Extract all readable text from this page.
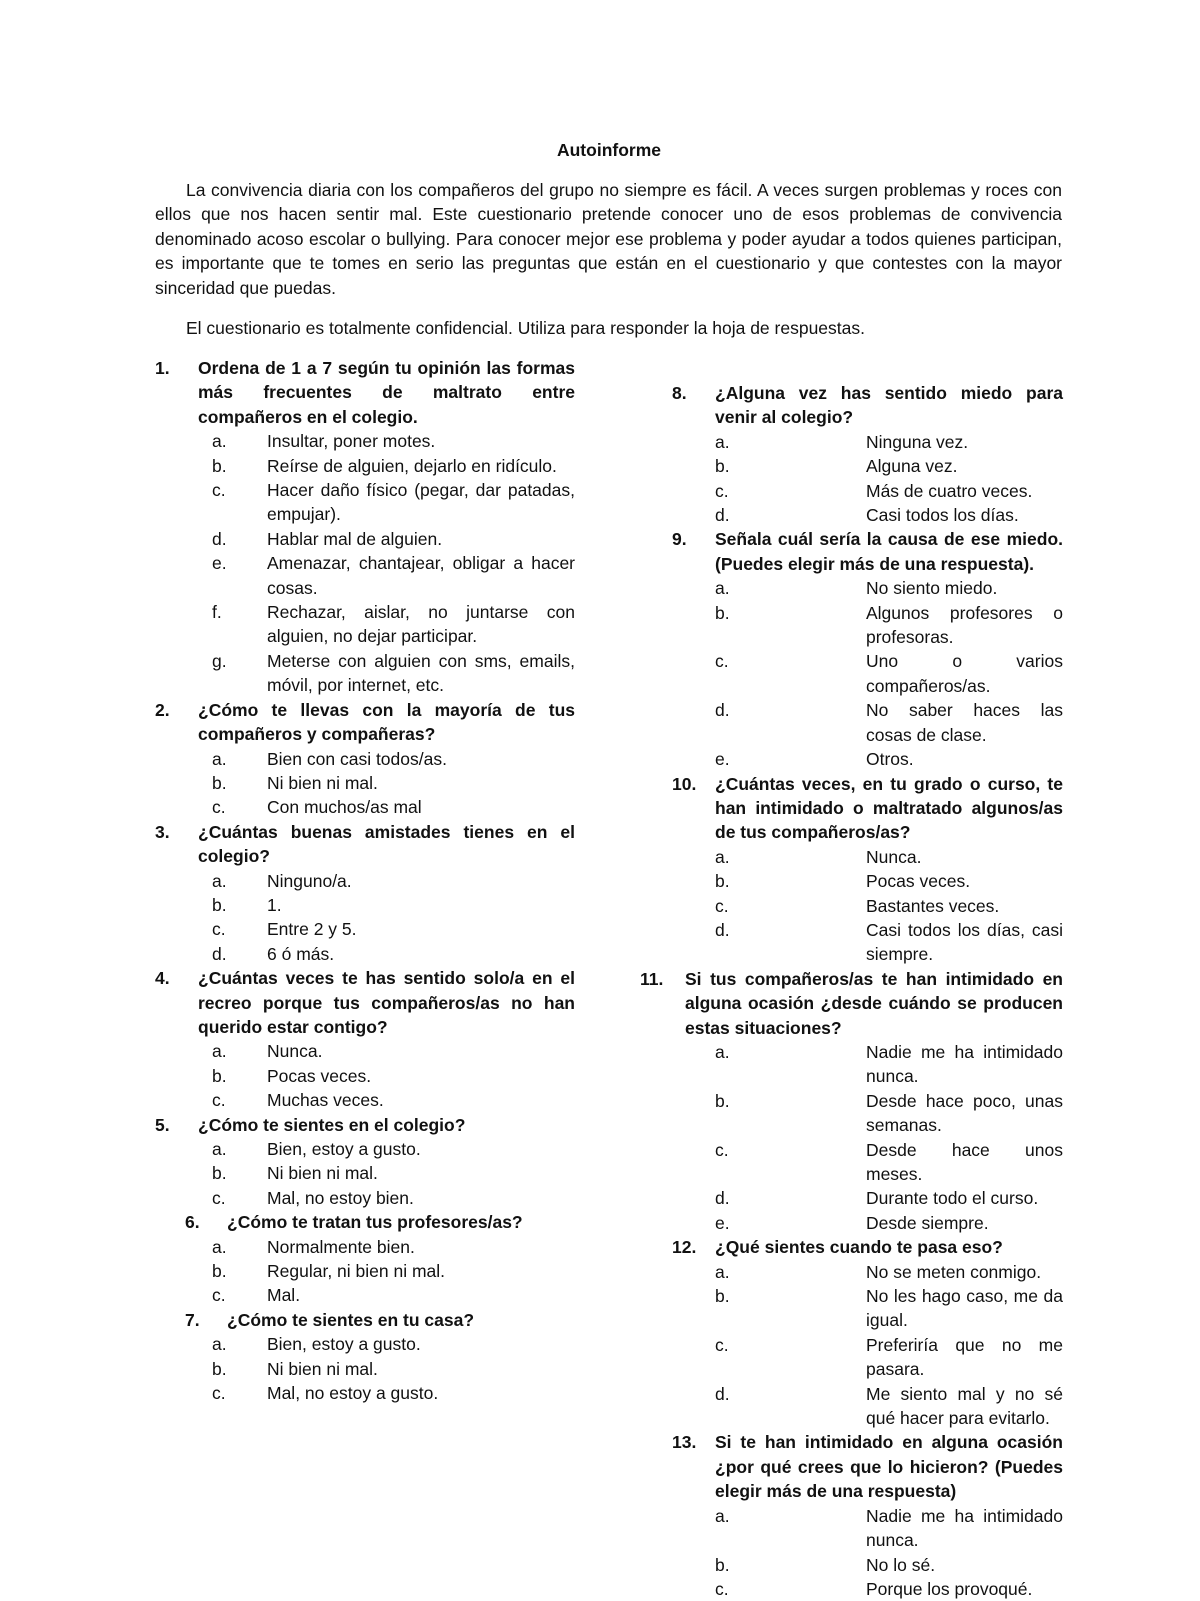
Autoinforme

La convivencia diaria con los compañeros del grupo no siempre es fácil. A veces surgen problemas y roces con ellos que nos hacen sentir mal. Este cuestionario pretende conocer uno de esos problemas de convivencia denominado acoso escolar o bullying. Para conocer mejor ese problema y poder ayudar a todos quienes participan, es importante que te tomes en serio las preguntas que están en el cuestionario y que contestes con la mayor sinceridad que puedas.

El cuestionario es totalmente confidencial. Utiliza para responder la hoja de respuestas.

1. Ordena de 1 a 7 según tu opinión las formas más frecuentes de maltrato entre compañeros en el colegio.
a. Insultar, poner motes.
b. Reírse de alguien, dejarlo en ridículo.
c. Hacer daño físico (pegar, dar patadas, empujar).
d. Hablar mal de alguien.
e. Amenazar, chantajear, obligar a hacer cosas.
f.	Rechazar, aislar, no juntarse con alguien, no dejar participar.
g. Meterse con alguien con sms, emails, móvil, por internet, etc.
2. ¿Cómo te llevas con la mayoría de tus compañeros y compañeras?
a. Bien con casi todos/as.
b. Ni bien ni mal.
c. Con muchos/as mal
3. ¿Cuántas buenas amistades tienes en el colegio?
a. Ninguno/a.
b. 1.
c. Entre 2 y 5.
d. 6 ó más.
4. ¿Cuántas veces te has sentido solo/a en el recreo porque tus compañeros/as no han querido estar contigo?
a. Nunca.
b. Pocas veces.
c. Muchas veces.
5. ¿Cómo te sientes en el colegio?
a. Bien, estoy a gusto.
b. Ni bien ni mal.
c. Mal, no estoy bien.
6. ¿Cómo te tratan tus profesores/as?
a. Normalmente bien.
b. Regular, ni bien ni mal.
c. Mal.
7. ¿Cómo te sientes en tu casa?
a. Bien, estoy a gusto.
b. Ni bien ni mal.
c. Mal, no estoy a gusto.
8. ¿Alguna vez has sentido miedo para venir al colegio?
a.	Ninguna vez.
b.	Alguna vez.
c.	Más de cuatro veces.
d.	Casi todos los días.
9. Señala cuál sería la causa de ese miedo. (Puedes elegir más de una respuesta).
a.	No siento miedo.
b.	Algunos profesores o profesoras.
c.	Uno o varios compañeros/as.
d.	No saber haces las cosas de clase.
e.	Otros.
10. ¿Cuántas veces, en tu grado o curso, te han intimidado o maltratado algunos/as de tus compañeros/as?
a.	Nunca.
b.	Pocas veces.
c.	Bastantes veces.
d.	Casi todos los días, casi siempre.
11. Si tus compañeros/as te han intimidado en alguna ocasión ¿desde cuándo se producen estas situaciones?
a.	Nadie me ha intimidado nunca.
b.	Desde hace poco, unas semanas.
c.	Desde hace unos meses.
d.	Durante todo el curso.
e.	Desde siempre.
12. ¿Qué sientes cuando te pasa eso?
a.	No se meten conmigo.
b.	No les hago caso, me da igual.
c.	Preferiría que no me pasara.
d.	Me siento mal y no sé qué hacer para evitarlo.
13. Si te han intimidado en alguna ocasión ¿por qué crees que lo hicieron? (Puedes elegir más de una respuesta)
a.	Nadie me ha intimidado nunca.
b.	No lo sé.
c.	Porque los provoqué.
